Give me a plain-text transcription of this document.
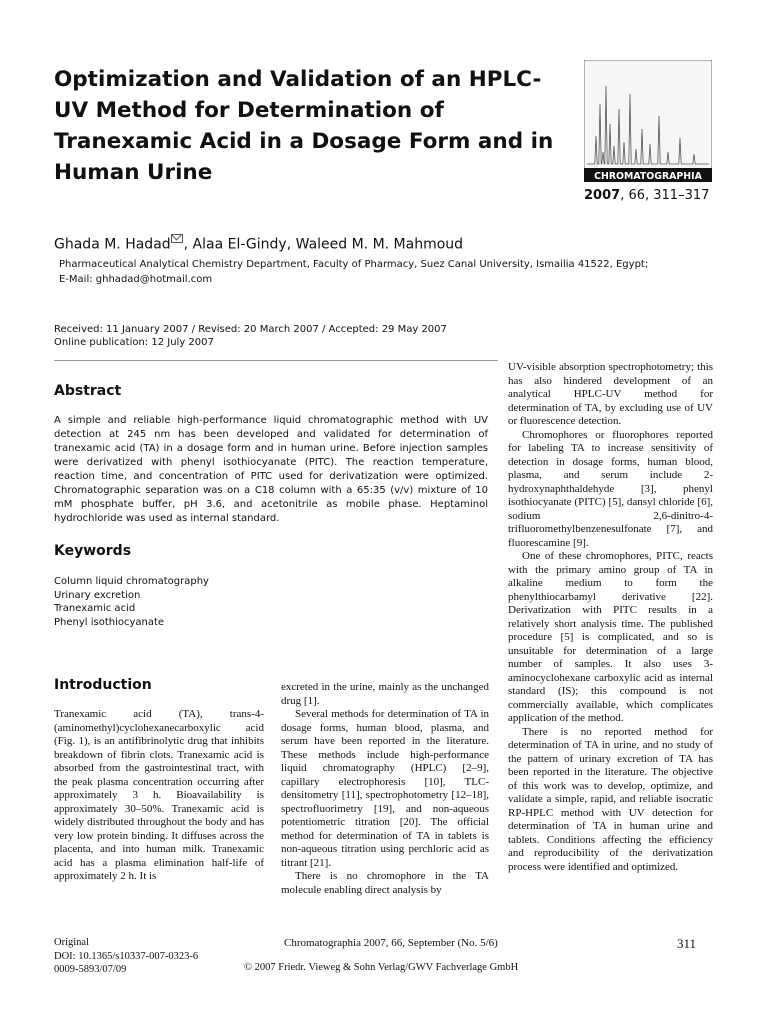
Optimization and Validation of an HPLC-UV Method for Determination of Tranexamic Acid in a Dosage Form and in Human Urine	CHROMATOGRAPHIA
2007, 66, 311–317
Ghada M. Hadad , Alaa El-Gindy, Waleed M. M. Mahmoud
Pharmaceutical Analytical Chemistry Department, Faculty of Pharmacy, Suez Canal University, Ismailia 41522, Egypt;
E-Mail: ghhadad@hotmail.com
Received: 11 January 2007 / Revised: 20 March 2007 / Accepted: 29 May 2007
Online publication: 12 July 2007
Abstract
A simple and reliable high-performance liquid chromatographic method with UV detection at 245 nm has been developed and validated for determination of tranexamic acid (TA) in a dosage form and in human urine. Before injection samples were derivatized with phenyl isothiocyanate (PITC). The reaction temperature, reaction time, and concentration of PITC used for derivatization were optimized. Chromatographic separation was on a C18 column with a 65:35 (v/v) mixture of 10 mM phosphate buffer, pH 3.6, and acetonitrile as mobile phase. Heptaminol hydrochloride was used as internal standard.
Keywords
Column liquid chromatography
Urinary excretion
Tranexamic acid
Phenyl isothiocyanate
Introduction

Tranexamic acid (TA), trans-4-(aminomethyl)cyclohexanecarboxylic acid (Fig. 1), is an antifibrinolytic drug that inhibits breakdown of fibrin clots. Tranexamic acid is absorbed from the gastrointestinal tract, with the peak plasma concentration occurring after approximately 3 h. Bioavailability is approximately 30–50%. Tranexamic acid is widely distributed throughout the body and has very low protein binding. It diffuses across the placenta, and into human milk. Tranexamic acid has a plasma elimination half-life of approximately 2 h. It is

excreted in the urine, mainly as the unchanged drug [1].

Several methods for determination of TA in dosage forms, human blood, plasma, and serum have been reported in the literature. These methods include high-performance liquid chromatography (HPLC) [2–9], capillary electrophoresis [10], TLC-densitometry [11], spectrophotometry [12–18], spectrofluorimetry [19], and non-aqueous potentiometric titration [20]. The official method for determination of TA in tablets is non-aqueous titration using perchloric acid as titrant [21].

There is no chromophore in the TA molecule enabling direct analysis by

UV-visible absorption spectrophotometry; this has also hindered development of an analytical HPLC-UV method for determination of TA, by excluding use of UV or fluorescence detection.

Chromophores or fluorophores reported for labeling TA to increase sensitivity of detection in dosage forms, human blood, plasma, and serum include 2-hydroxynaphthaldehyde [3], phenyl isothiocyanate (PITC) [5], dansyl chloride [6], sodium 2,6-dinitro-4-trifluoromethylbenzenesulfonate [7], and fluorescamine [9].

One of these chromophores, PITC, reacts with the primary amino group of TA in alkaline medium to form the phenylthiocarbamyl derivative [22]. Derivatization with PITC results in a relatively short analysis time. The published procedure [5] is complicated, and so is unsuitable for determination of a large number of samples. It also uses 3-aminocyclohexane carboxylic acid as internal standard (IS); this compound is not commercially available, which complicates application of the method.

There is no reported method for determination of TA in urine, and no study of the pattern of urinary excretion of TA has been reported in the literature. The objective of this work was to develop, optimize, and validate a simple, rapid, and reliable isocratic RP-HPLC method with UV detection for determination of TA in human urine and tablets. Conditions affecting the efficiency and reproducibility of the derivatization process were identified and optimized.

Original
DOI: 10.1365/s10337-007-0323-6
0009-5893/07/09
Chromatographia 2007, 66, September (No. 5/6)
© 2007 Friedr. Vieweg & Sohn Verlag/GWV Fachverlage GmbH
311
